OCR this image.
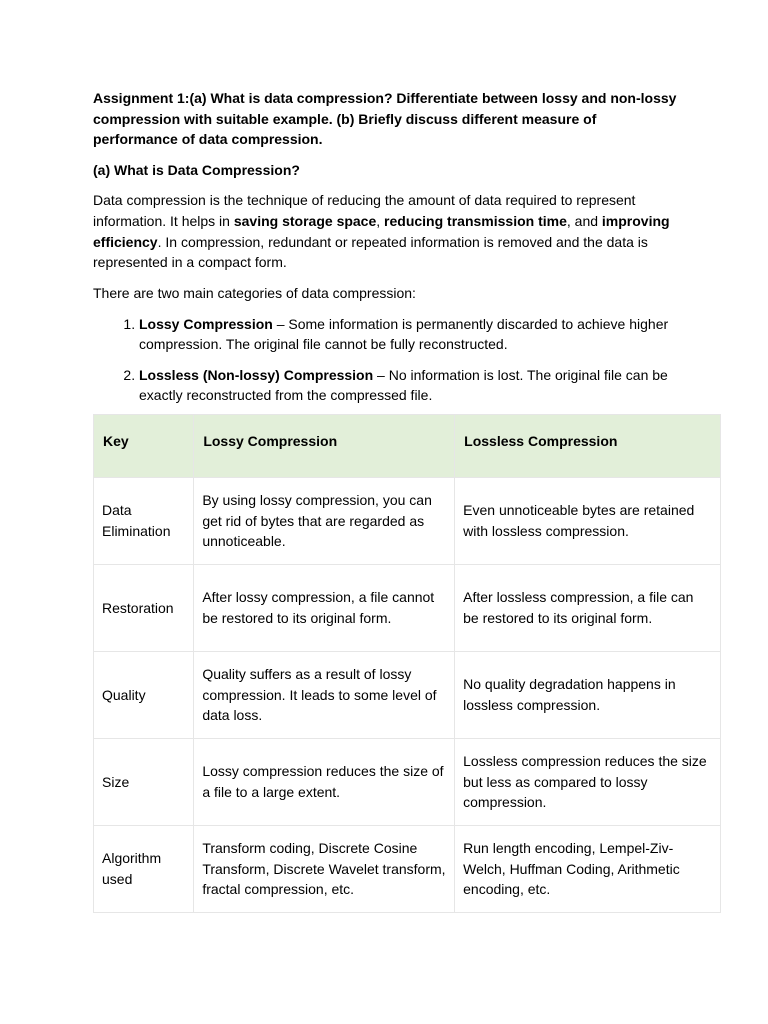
Assignment 1:(a) What is data compression? Differentiate between lossy and non-lossy compression with suitable example. (b) Briefly discuss different measure of performance of data compression.
(a) What is Data Compression?

Data compression is the technique of reducing the amount of data required to represent information. It helps in saving storage space, reducing transmission time, and improving efficiency. In compression, redundant or repeated information is removed and the data is represented in a compact form.

There are two main categories of data compression:

1. Lossy Compression – Some information is permanently discarded to achieve higher compression. The original file cannot be fully reconstructed.
2. Lossless (Non-lossy) Compression – No information is lost. The original file can be exactly reconstructed from the compressed file.
Key	Lossy Compression	Lossless Compression
Data Elimination	By using lossy compression, you can get rid of bytes that are regarded as unnoticeable.	Even unnoticeable bytes are retained with lossless compression.
Restoration	After lossy compression, a file cannot be restored to its original form.	After lossless compression, a file can be restored to its original form.
Quality	Quality suffers as a result of lossy compression. It leads to some level of data loss.	No quality degradation happens in lossless compression.
Size	Lossy compression reduces the size of a file to a large extent.	Lossless compression reduces the size but less as compared to lossy compression.
Algorithm used	Transform coding, Discrete Cosine Transform, Discrete Wavelet transform, fractal compression, etc.	Run length encoding, Lempel-Ziv-Welch, Huffman Coding, Arithmetic encoding, etc.
